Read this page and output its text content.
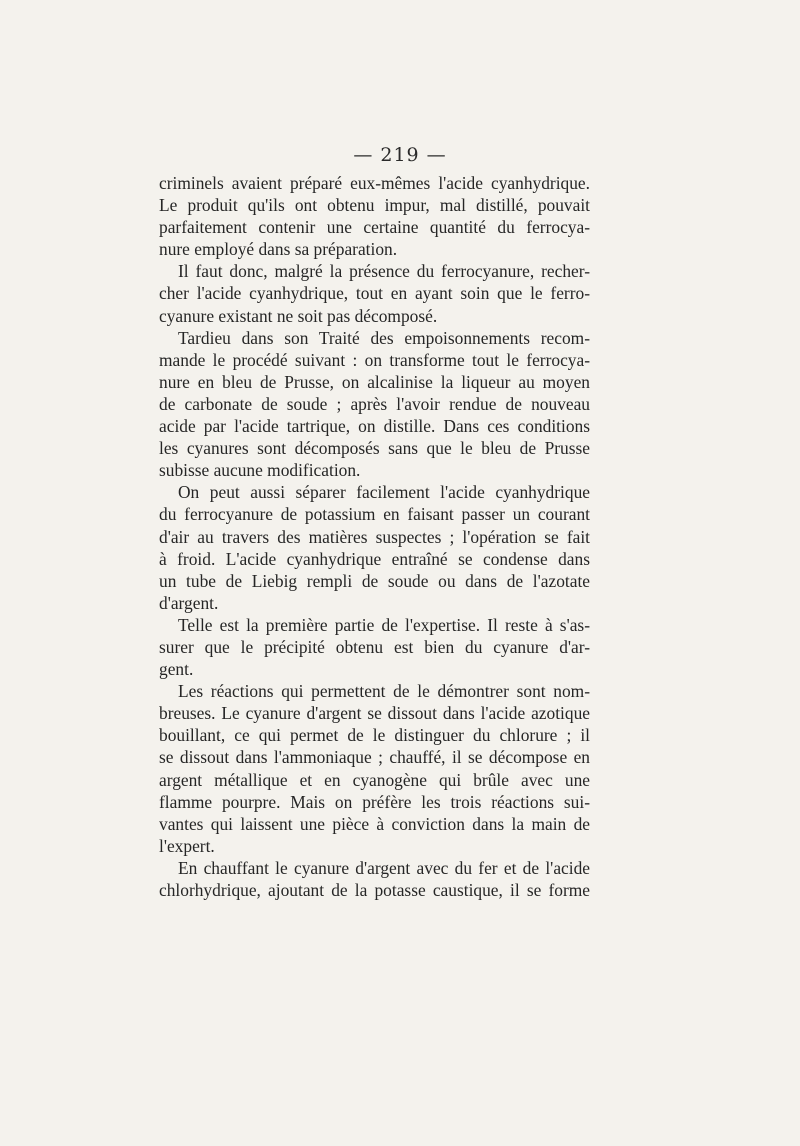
— 219 —
criminels avaient préparé eux-mêmes l'acide cyanhydrique.
Le produit qu'ils ont obtenu impur, mal distillé, pouvait
parfaitement contenir une certaine quantité du ferrocya-
nure employé dans sa préparation.
Il faut donc, malgré la présence du ferrocyanure, recher-
cher l'acide cyanhydrique, tout en ayant soin que le ferro-
cyanure existant ne soit pas décomposé.
Tardieu dans son Traité des empoisonnements recom-
mande le procédé suivant : on transforme tout le ferrocya-
nure en bleu de Prusse, on alcalinise la liqueur au moyen
de carbonate de soude ; après l'avoir rendue de nouveau
acide par l'acide tartrique, on distille. Dans ces conditions
les cyanures sont décomposés sans que le bleu de Prusse
subisse aucune modification.
On peut aussi séparer facilement l'acide cyanhydrique
du ferrocyanure de potassium en faisant passer un courant
d'air au travers des matières suspectes ; l'opération se fait
à froid. L'acide cyanhydrique entraîné se condense dans
un tube de Liebig rempli de soude ou dans de l'azotate
d'argent.
Telle est la première partie de l'expertise. Il reste à s'as-
surer que le précipité obtenu est bien du cyanure d'ar-
gent.
Les réactions qui permettent de le démontrer sont nom-
breuses. Le cyanure d'argent se dissout dans l'acide azotique
bouillant, ce qui permet de le distinguer du chlorure ; il
se dissout dans l'ammoniaque ; chauffé, il se décompose en
argent métallique et en cyanogène qui brûle avec une
flamme pourpre. Mais on préfère les trois réactions sui-
vantes qui laissent une pièce à conviction dans la main de
l'expert.
En chauffant le cyanure d'argent avec du fer et de l'acide
chlorhydrique, ajoutant de la potasse caustique, il se forme
